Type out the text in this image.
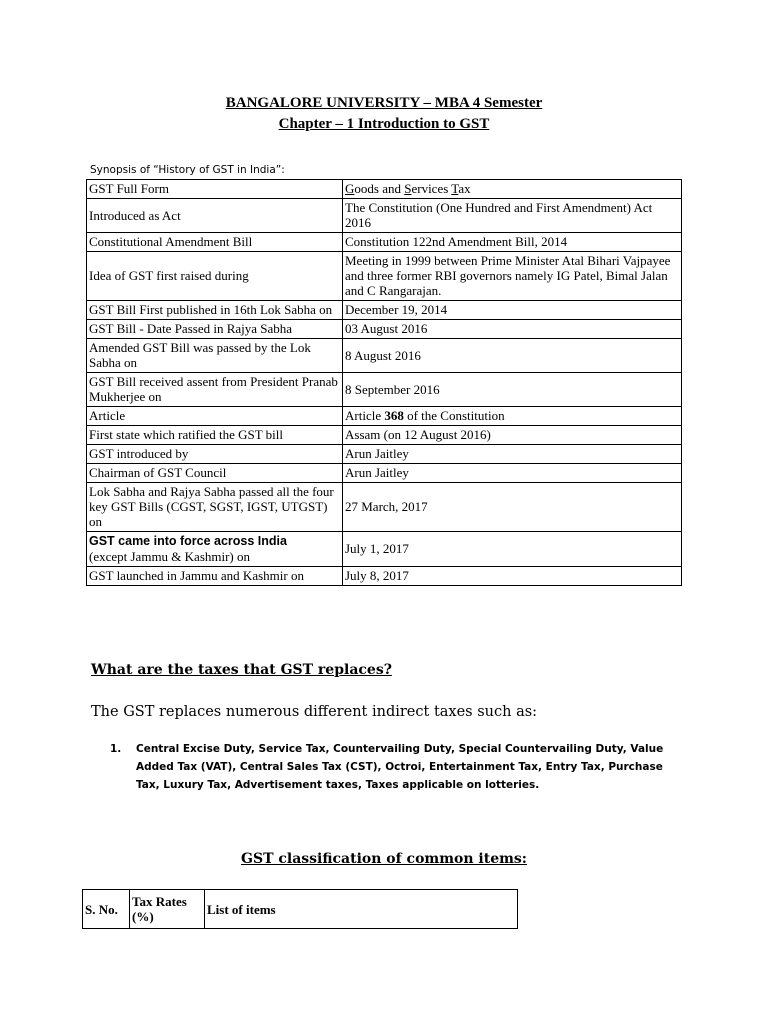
BANGALORE UNIVERSITY – MBA 4 Semester
Chapter – 1 Introduction to GST
Synopsis of “History of GST in India”:
GST Full Form	Goods and Services Tax
Introduced as Act	The Constitution (One Hundred and First Amendment) Act 2016
Constitutional Amendment Bill	Constitution 122nd Amendment Bill, 2014
Idea of GST first raised during	Meeting in 1999 between Prime Minister Atal Bihari Vajpayee and three former RBI governors namely IG Patel, Bimal Jalan and C Rangarajan.
GST Bill First published in 16th Lok Sabha on	December 19, 2014
GST Bill - Date Passed in Rajya Sabha	03 August 2016
Amended GST Bill was passed by the Lok Sabha on	8 August 2016
GST Bill received assent from President Pranab Mukherjee on	8 September 2016
Article	Article 368 of the Constitution
First state which ratified the GST bill	Assam (on 12 August 2016)
GST introduced by	Arun Jaitley
Chairman of GST Council	Arun Jaitley
Lok Sabha and Rajya Sabha passed all the four key GST Bills (CGST, SGST, IGST, UTGST) on	27 March, 2017
GST came into force across India
(except Jammu & Kashmir) on	July 1, 2017
GST launched in Jammu and Kashmir on	July 8, 2017
What are the taxes that GST replaces?
The GST replaces numerous different indirect taxes such as:
1. Central Excise Duty, Service Tax, Countervailing Duty, Special Countervailing Duty, Value Added Tax (VAT), Central Sales Tax (CST), Octroi, Entertainment Tax, Entry Tax, Purchase Tax, Luxury Tax, Advertisement taxes, Taxes applicable on lotteries.
GST classification of common items:
S. No.	Tax Rates (%)	List of items
